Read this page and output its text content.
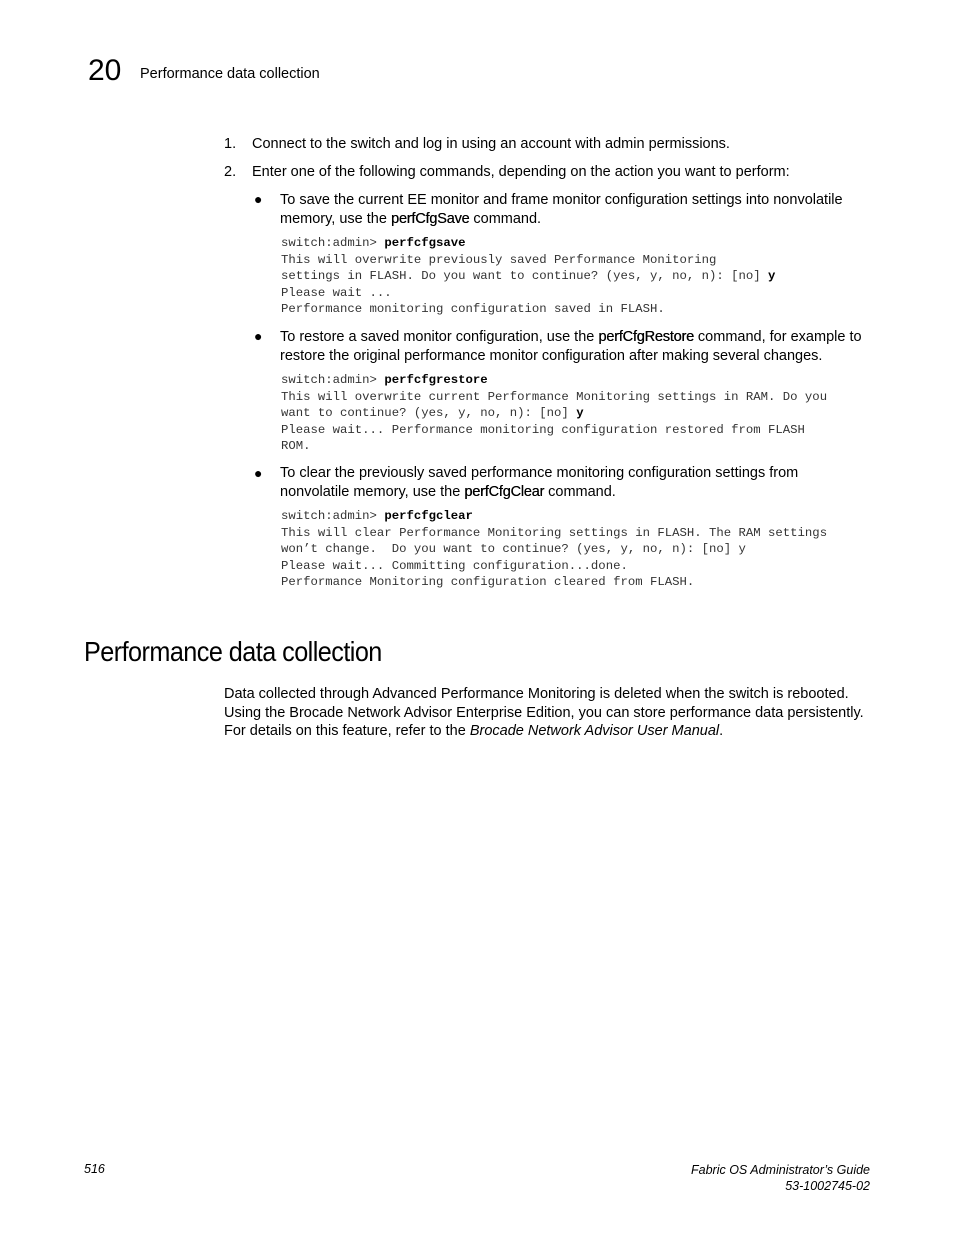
20 Performance data collection
1. Connect to the switch and log in using an account with admin permissions.
2. Enter one of the following commands, depending on the action you want to perform:
● To save the current EE monitor and frame monitor configuration settings into nonvolatile memory, use the perfCfgSave command.
switch:admin> perfcfgsave
This will overwrite previously saved Performance Monitoring
settings in FLASH. Do you want to continue? (yes, y, no, n): [no] y
Please wait ...
Performance monitoring configuration saved in FLASH.
● To restore a saved monitor configuration, use the perfCfgRestore command, for example to restore the original performance monitor configuration after making several changes.
switch:admin> perfcfgrestore
This will overwrite current Performance Monitoring settings in RAM. Do you
want to continue? (yes, y, no, n): [no] y
Please wait... Performance monitoring configuration restored from FLASH
ROM.
● To clear the previously saved performance monitoring configuration settings from nonvolatile memory, use the perfCfgClear command.
switch:admin> perfcfgclear
This will clear Performance Monitoring settings in FLASH. The RAM settings
won’t change.  Do you want to continue? (yes, y, no, n): [no] y
Please wait... Committing configuration...done.
Performance Monitoring configuration cleared from FLASH.
Performance data collection
Data collected through Advanced Performance Monitoring is deleted when the switch is rebooted. Using the Brocade Network Advisor Enterprise Edition, you can store performance data persistently. For details on this feature, refer to the Brocade Network Advisor User Manual.
516	Fabric OS Administrator’s Guide
53-1002745-02
